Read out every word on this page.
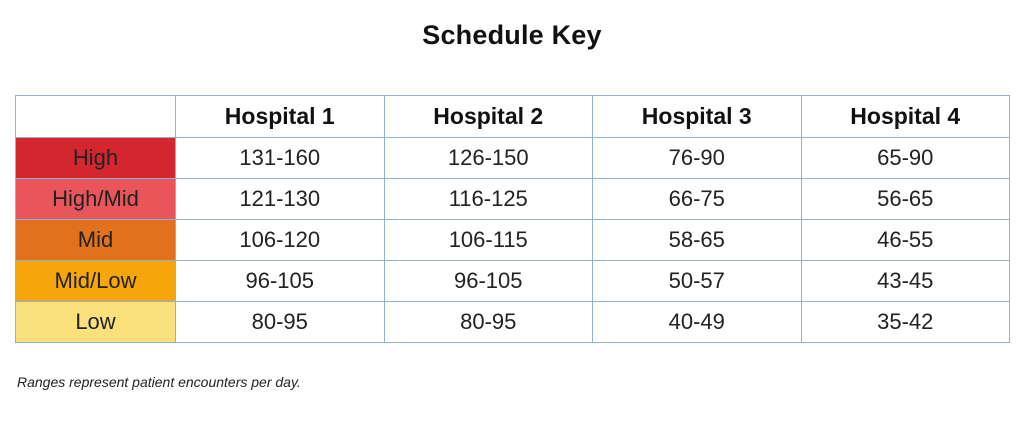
Schedule Key
	Hospital 1	Hospital 2	Hospital 3	Hospital 4
High	131-160	126-150	76-90	65-90
High/Mid	121-130	116-125	66-75	56-65
Mid	106-120	106-115	58-65	46-55
Mid/Low	96-105	96-105	50-57	43-45
Low	80-95	80-95	40-49	35-42
Ranges represent patient encounters per day.
